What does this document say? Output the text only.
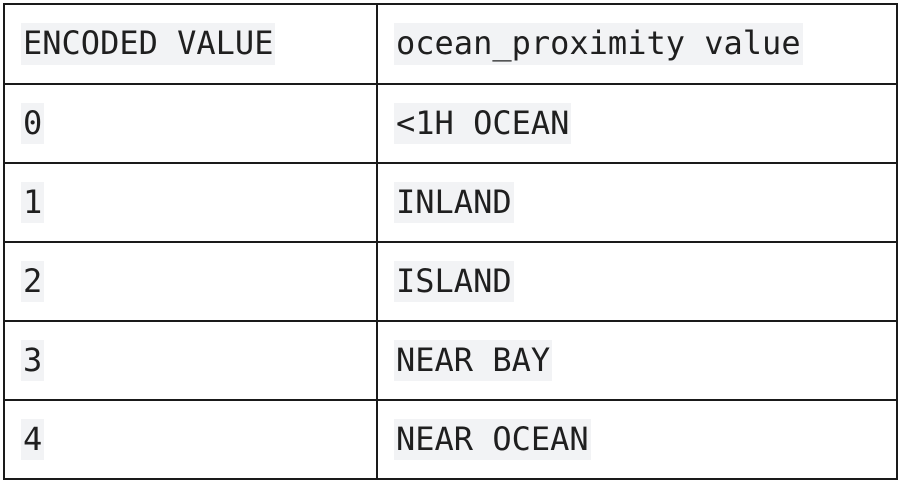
ENCODED VALUE	ocean_proximity value

0	<1H OCEAN

1	INLAND

2	ISLAND

3	NEAR BAY

4	NEAR OCEAN
